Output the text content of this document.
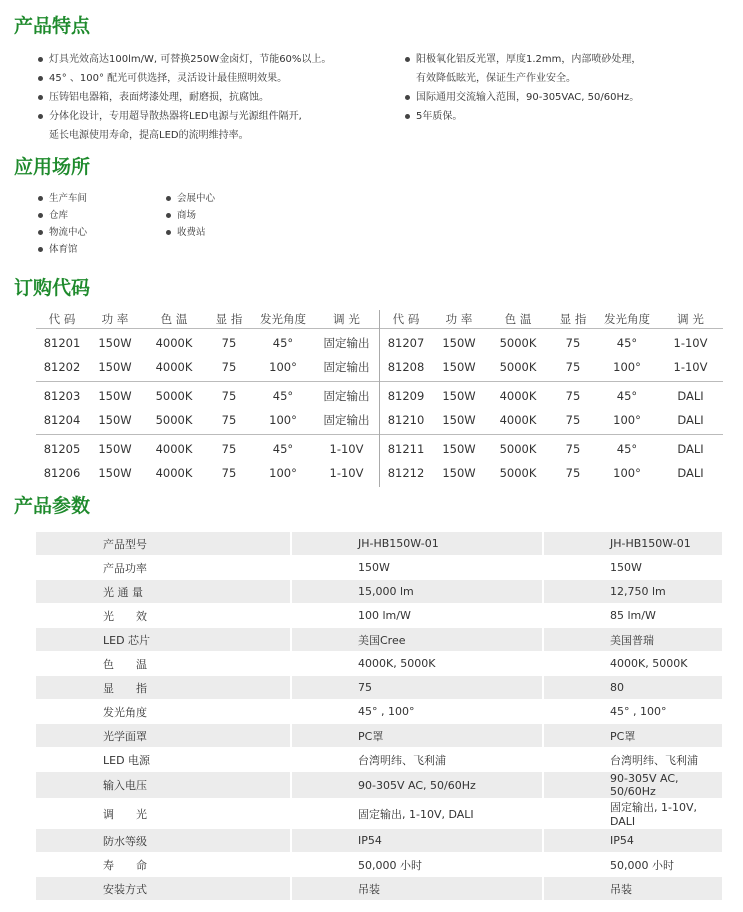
产品特点
应用场所
订购代码
产品参数
灯具光效高达100lm/W, 可替换250W金卤灯，节能60%以上。
45° 、100° 配光可供选择，灵活设计最佳照明效果。
压铸铝电器箱，表面烤漆处理，耐磨损，抗腐蚀。
分体化设计，专用超导散热器将LED电源与光源组件隔开,
延长电源使用寿命，提高LED的流明维持率。
阳极氧化铝反光罩，厚度1.2mm，内部喷砂处理，
有效降低眩光，保证生产作业安全。
国际通用交流输入范围，90-305VAC, 50/60Hz。
5年质保。
生产车间
仓库
物流中心
体育馆
会展中心
商场
收费站
代 码	功 率	色 温	显 指	发光角度	调 光
81201	150W	4000K	75	45°	固定输出
81202	150W	4000K	75	100°	固定输出
81203	150W	5000K	75	45°	固定输出
81204	150W	5000K	75	100°	固定输出
81205	150W	4000K	75	45°	1-10V
81206	150W	4000K	75	100°	1-10V
代 码	功 率	色 温	显 指	发光角度	调 光
81207	150W	5000K	75	45°	1-10V
81208	150W	5000K	75	100°	1-10V
81209	150W	4000K	75	45°	DALI
81210	150W	4000K	75	100°	DALI
81211	150W	5000K	75	45°	DALI
81212	150W	5000K	75	100°	DALI
产品型号	JH-HB150W-01	JH-HB150W-01
产品功率	150W	150W
光 通 量	15,000 lm	12,750 lm
光　　效	100 lm/W	85 lm/W
LED 芯片	美国Cree	美国普瑞
色　　温	4000K, 5000K	4000K, 5000K
显　　指	75	80
发光角度	45° , 100°	45° , 100°
光学面罩	PC罩	PC罩
LED 电源	台湾明纬、飞利浦	台湾明纬、飞利浦
输入电压	90-305V AC, 50/60Hz	90-305V AC, 50/60Hz
调　　光	固定输出, 1-10V, DALI	固定输出, 1-10V, DALI
防水等级	IP54	IP54
寿　　命	50,000 小时	50,000 小时
安装方式	吊装	吊装
